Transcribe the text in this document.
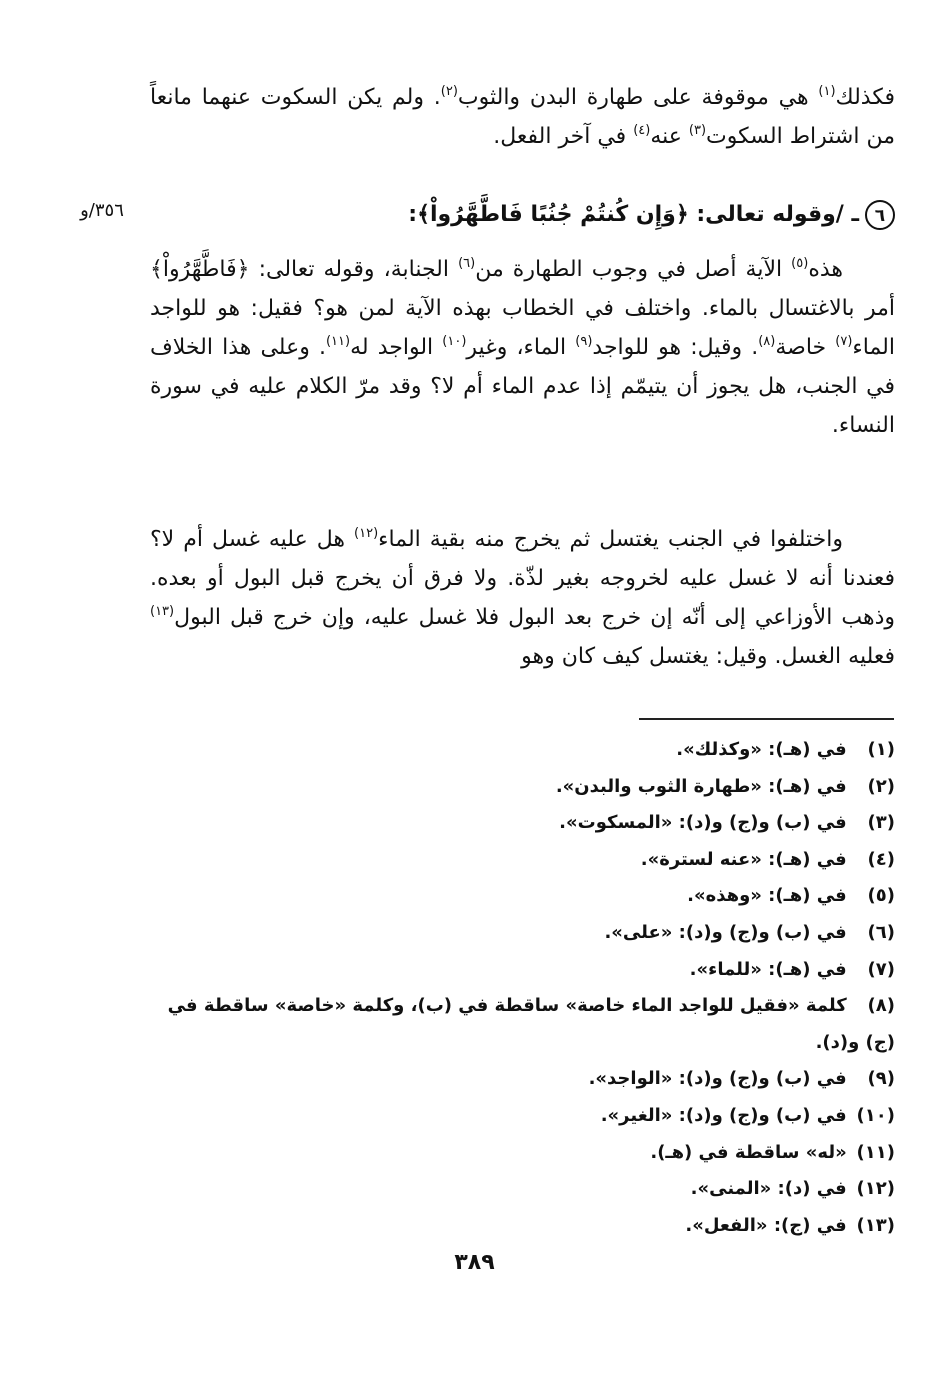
٣٥٦/و
فكذلك$^{(١)}$ هي موقوفة على طهارة البدن والثوب$^{(٢)}$. ولم يكن السكوت عنهما مانعاً من اشتراط السكوت$^{(٣)}$ عنه$^{(٤)}$ في آخر الفعل.
٦ـ /وقوله تعالى: ﴿وَإِن كُنتُمْ جُنُبًا فَاطَّهَّرُواْ﴾:
هذه$^{(٥)}$ الآية أصل في وجوب الطهارة من$^{(٦)}$ الجنابة، وقوله تعالى: ﴿فَاطَّهَّرُواْ﴾ أمر بالاغتسال بالماء. واختلف في الخطاب بهذه الآية لمن هو؟ فقيل: هو للواجد الماء$^{(٧)}$ خاصة$^{(٨)}$. وقيل: هو للواجد$^{(٩)}$ الماء، وغير$^{(١٠)}$ الواجد له$^{(١١)}$. وعلى هذا الخلاف في الجنب، هل يجوز أن يتيمّم إذا عدم الماء أم لا؟ وقد مرّ الكلام عليه في سورة النساء.
واختلفوا في الجنب يغتسل ثم يخرج منه بقية الماء$^{(١٢)}$ هل عليه غسل أم لا؟ فعندنا أنه لا غسل عليه لخروجه بغير لذّة. ولا فرق أن يخرج قبل البول أو بعده. وذهب الأوزاعي إلى أنّه إن خرج بعد البول فلا غسل عليه، وإن خرج قبل البول$^{(١٣)}$ فعليه الغسل. وقيل: يغتسل كيف كان وهو
(١) في (هـ): «وكذلك».
(٢) في (هـ): «طهارة الثوب والبدن».
(٣) في (ب) و(ج) و(د): «المسكوت».
(٤) في (هـ): «عنه لسترة».
(٥) في (هـ): «وهذه».
(٦) في (ب) و(ج) و(د): «على».
(٧) في (هـ): «للماء».
(٨) كلمة «فقيل للواجد الماء خاصة» ساقطة في (ب)، وكلمة «خاصة» ساقطة في (ج) و(د).
(٩) في (ب) و(ج) و(د): «الواجد».
(١٠) في (ب) و(ج) و(د): «الغير».
(١١) «له» ساقطة في (هـ).
(١٢) في (د): «المنى».
(١٣) في (ج): «الفعل».
٣٨٩
